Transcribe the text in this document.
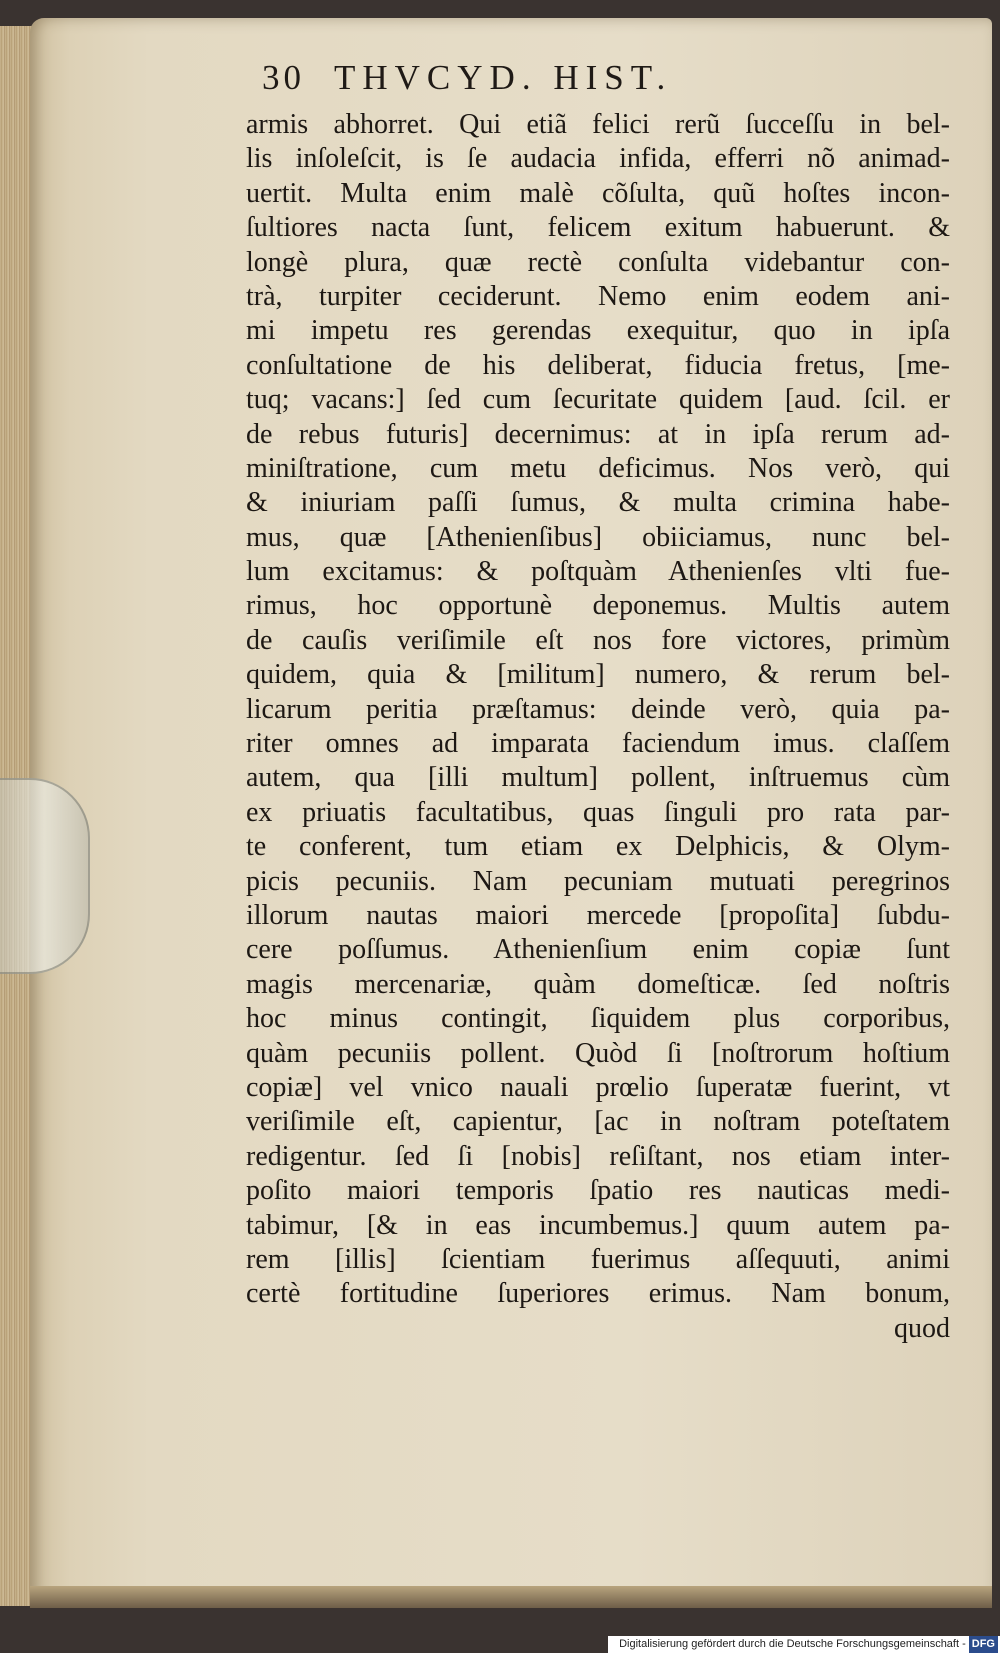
30 THVCYD. HIST.
armis abhorret. Qui etiã felici rerũ ſucceſſu in bel-
lis inſoleſcit, is ſe audacia infida, efferri nõ animad-
uertit. Multa enim malè cõſulta, quũ hoſtes incon-
ſultiores nacta ſunt, felicem exitum habuerunt. &
longè plura, quæ rectè conſulta videbantur con-
trà, turpiter ceciderunt. Nemo enim eodem ani-
mi impetu res gerendas exequitur, quo in ipſa
conſultatione de his deliberat, fiducia fretus, [me-
tuq; vacans:] ſed cum ſecuritate quidem [aud. ſcil. er
de rebus futuris] decernimus: at in ipſa rerum ad-
miniſtratione, cum metu deficimus. Nos verò, qui
& iniuriam paſſi ſumus, & multa crimina habe-
mus, quæ [Athenienſibus] obiiciamus, nunc bel-
lum excitamus: & poſtquàm Athenienſes vlti fue-
rimus, hoc opportunè deponemus. Multis autem
de cauſis veriſimile eſt nos fore victores, primùm
quidem, quia & [militum] numero, & rerum bel-
licarum peritia præſtamus: deinde verò, quia pa-
riter omnes ad imparata faciendum imus. claſſem
autem, qua [illi multum] pollent, inſtruemus cùm
ex priuatis facultatibus, quas ſinguli pro rata par-
te conferent, tum etiam ex Delphicis, & Olym-
picis pecuniis. Nam pecuniam mutuati peregrinos
illorum nautas maiori mercede [propoſita] ſubdu-
cere poſſumus. Athenienſium enim copiæ ſunt
magis mercenariæ, quàm domeſticæ. ſed noſtris
hoc minus contingit, ſiquidem plus corporibus,
quàm pecuniis pollent. Quòd ſi [noſtrorum hoſtium
copiæ] vel vnico nauali prœlio ſuperatæ fuerint, vt
veriſimile eſt, capientur, [ac in noſtram poteſtatem
redigentur. ſed ſi [nobis] reſiſtant, nos etiam inter-
poſito maiori temporis ſpatio res nauticas medi-
tabimur, [& in eas incumbemus.] quum autem pa-
rem [illis] ſcientiam fuerimus aſſequuti, animi
certè fortitudine ſuperiores erimus. Nam bonum,
quod
Digitalisierung gefördert durch die Deutsche Forschungsgemeinschaft - DFG
